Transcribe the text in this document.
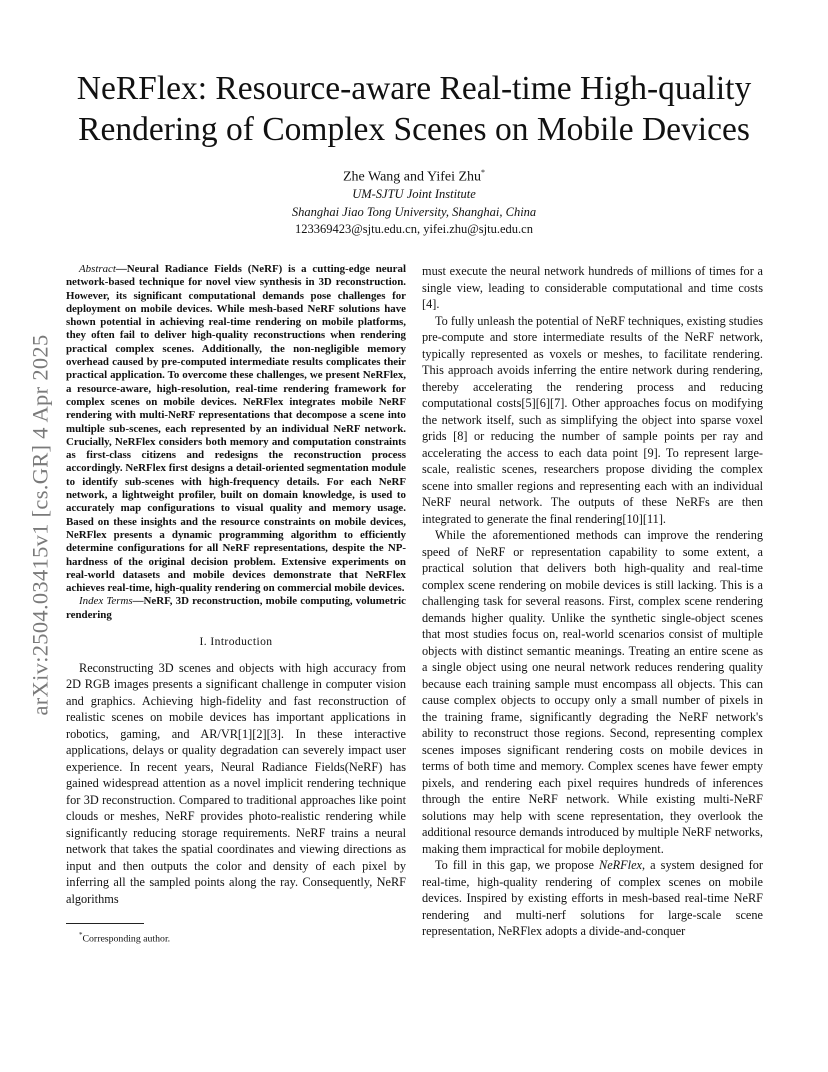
arXiv:2504.03415v1 [cs.GR] 4 Apr 2025
NeRFlex: Resource-aware Real-time High-quality
Rendering of Complex Scenes on Mobile Devices
Zhe Wang and Yifei Zhu*
UM-SJTU Joint Institute
Shanghai Jiao Tong University, Shanghai, China
123369423@sjtu.edu.cn, yifei.zhu@sjtu.edu.cn

Abstract—Neural Radiance Fields (NeRF) is a cutting-edge neural network-based technique for novel view synthesis in 3D reconstruction. However, its significant computational demands pose challenges for deployment on mobile devices. While mesh-based NeRF solutions have shown potential in achieving real-time rendering on mobile platforms, they often fail to deliver high-quality reconstructions when rendering practical complex scenes. Additionally, the non-negligible memory overhead caused by pre-computed intermediate results complicates their practical application. To overcome these challenges, we present NeRFlex, a resource-aware, high-resolution, real-time rendering framework for complex scenes on mobile devices. NeRFlex integrates mobile NeRF rendering with multi-NeRF representations that decompose a scene into multiple sub-scenes, each represented by an individual NeRF network. Crucially, NeRFlex considers both memory and computation constraints as first-class citizens and redesigns the reconstruction process accordingly. NeRFlex first designs a detail-oriented segmentation module to identify sub-scenes with high-frequency details. For each NeRF network, a lightweight profiler, built on domain knowledge, is used to accurately map configurations to visual quality and memory usage. Based on these insights and the resource constraints on mobile devices, NeRFlex presents a dynamic programming algorithm to efficiently determine configurations for all NeRF representations, despite the NP-hardness of the original decision problem. Extensive experiments on real-world datasets and mobile devices demonstrate that NeRFlex achieves real-time, high-quality rendering on commercial mobile devices.

Index Terms—NeRF, 3D reconstruction, mobile computing, volumetric rendering

I. Introduction

Reconstructing 3D scenes and objects with high accuracy from 2D RGB images presents a significant challenge in computer vision and graphics. Achieving high-fidelity and fast reconstruction of realistic scenes on mobile devices has important applications in robotics, gaming, and AR/VR[1][2][3]. In these interactive applications, delays or quality degradation can severely impact user experience. In recent years, Neural Radiance Fields(NeRF) has gained widespread attention as a novel implicit rendering technique for 3D reconstruction. Compared to traditional approaches like point clouds or meshes, NeRF provides photo-realistic rendering while significantly reducing storage requirements. NeRF trains a neural network that takes the spatial coordinates and viewing directions as input and then outputs the color and density of each pixel by inferring all the sampled points along the ray. Consequently, NeRF algorithms

*Corresponding author.

must execute the neural network hundreds of millions of times for a single view, leading to considerable computational and time costs [4].

To fully unleash the potential of NeRF techniques, existing studies pre-compute and store intermediate results of the NeRF network, typically represented as voxels or meshes, to facilitate rendering. This approach avoids inferring the entire network during rendering, thereby accelerating the rendering process and reducing computational costs[5][6][7]. Other approaches focus on modifying the network itself, such as simplifying the object into sparse voxel grids [8] or reducing the number of sample points per ray and accelerating the access to each data point [9]. To represent large-scale, realistic scenes, researchers propose dividing the complex scene into smaller regions and representing each with an individual NeRF neural network. The outputs of these NeRFs are then integrated to generate the final rendering[10][11].

While the aforementioned methods can improve the rendering speed of NeRF or representation capability to some extent, a practical solution that delivers both high-quality and real-time complex scene rendering on mobile devices is still lacking. This is a challenging task for several reasons. First, complex scene rendering demands higher quality. Unlike the synthetic single-object scenes that most studies focus on, real-world scenarios consist of multiple objects with distinct semantic meanings. Treating an entire scene as a single object using one neural network reduces rendering quality because each training sample must encompass all objects. This can cause complex objects to occupy only a small number of pixels in the training frame, significantly degrading the NeRF network's ability to reconstruct those regions. Second, representing complex scenes imposes significant rendering costs on mobile devices in terms of both time and memory. Complex scenes have fewer empty pixels, and rendering each pixel requires hundreds of inferences through the entire NeRF network. While existing multi-NeRF solutions may help with scene representation, they overlook the additional resource demands introduced by multiple NeRF networks, making them impractical for mobile deployment.

To fill in this gap, we propose NeRFlex, a system designed for real-time, high-quality rendering of complex scenes on mobile devices. Inspired by existing efforts in mesh-based real-time NeRF rendering and multi-nerf solutions for large-scale scene representation, NeRFlex adopts a divide-and-conquer
